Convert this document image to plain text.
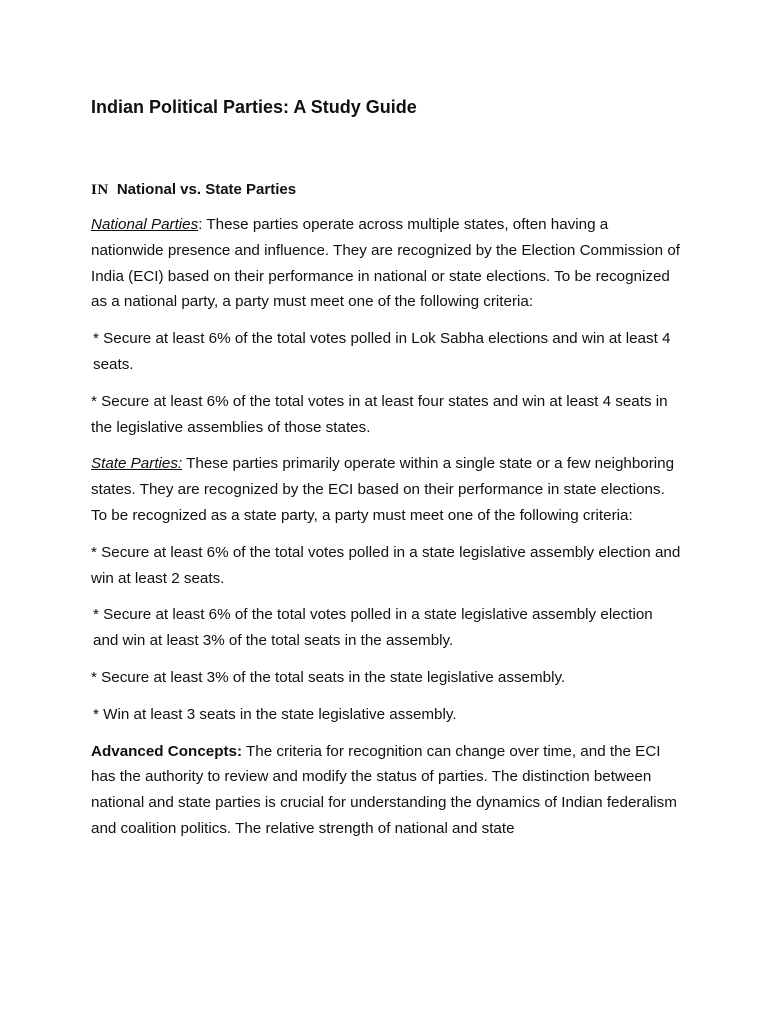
Indian Political Parties: A Study Guide
IN National vs. State Parties

National Parties: These parties operate across multiple states, often having a nationwide presence and influence. They are recognized by the Election Commission of India (ECI) based on their performance in national or state elections. To be recognized as a national party, a party must meet one of the following criteria:

* Secure at least 6% of the total votes polled in Lok Sabha elections and win at least 4 seats.

* Secure at least 6% of the total votes in at least four states and win at least 4 seats in the legislative assemblies of those states.

State Parties: These parties primarily operate within a single state or a few neighboring states. They are recognized by the ECI based on their performance in state elections. To be recognized as a state party, a party must meet one of the following criteria:

* Secure at least 6% of the total votes polled in a state legislative assembly election and win at least 2 seats.

* Secure at least 6% of the total votes polled in a state legislative assembly election and win at least 3% of the total seats in the assembly.

* Secure at least 3% of the total seats in the state legislative assembly.

* Win at least 3 seats in the state legislative assembly.

Advanced Concepts: The criteria for recognition can change over time, and the ECI has the authority to review and modify the status of parties. The distinction between national and state parties is crucial for understanding the dynamics of Indian federalism and coalition politics. The relative strength of national and state
